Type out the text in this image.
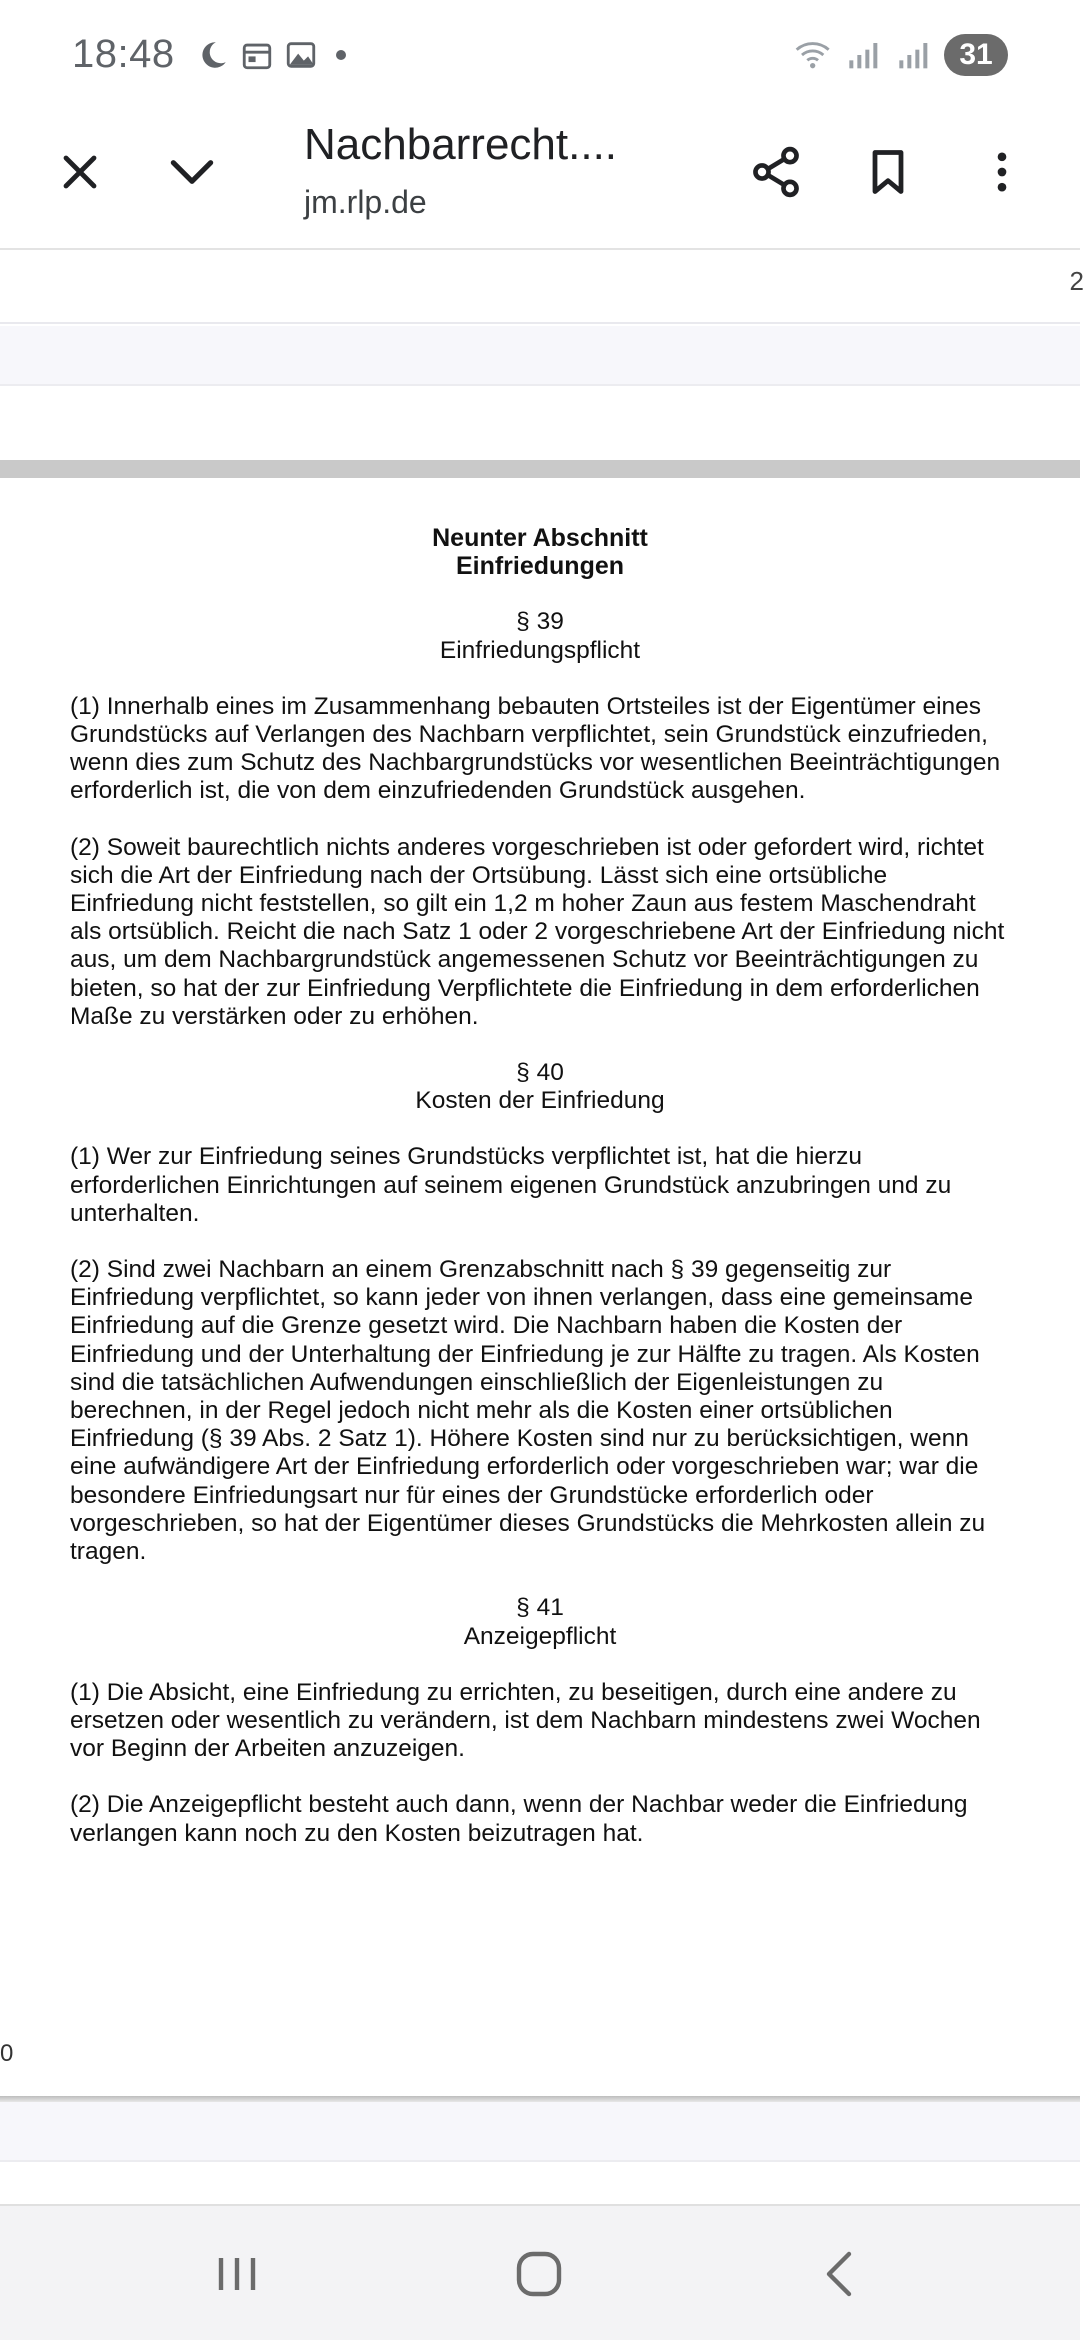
18:48	31
Nachbarrecht....
jm.rlp.de
2

Neunter Abschnitt

Einfriedungen

§ 39

Einfriedungspflicht

(1) Innerhalb eines im Zusammenhang bebauten Ortsteiles ist der Eigentümer eines Grundstücks auf Verlangen des Nachbarn verpflichtet, sein Grundstück einzufrieden, wenn dies zum Schutz des Nachbargrundstücks vor wesentlichen Beeinträchtigungen erforderlich ist, die von dem einzufriedenden Grundstück ausgehen.

(2) Soweit baurechtlich nichts anderes vorgeschrieben ist oder gefordert wird, richtet sich die Art der Einfriedung nach der Ortsübung. Lässt sich eine ortsübliche Einfriedung nicht feststellen, so gilt ein 1,2 m hoher Zaun aus festem Maschendraht als ortsüblich. Reicht die nach Satz 1 oder 2 vorgeschriebene Art der Einfriedung nicht aus, um dem Nachbargrundstück angemessenen Schutz vor Beeinträchtigungen zu bieten, so hat der zur Einfriedung Verpflichtete die Einfriedung in dem erforderlichen Maße zu verstärken oder zu erhöhen.

§ 40

Kosten der Einfriedung

(1) Wer zur Einfriedung seines Grundstücks verpflichtet ist, hat die hierzu erforderlichen Einrichtungen auf seinem eigenen Grundstück anzubringen und zu unterhalten.

(2) Sind zwei Nachbarn an einem Grenzabschnitt nach § 39 gegenseitig zur Einfriedung verpflichtet, so kann jeder von ihnen verlangen, dass eine gemeinsame Einfriedung auf die Grenze gesetzt wird. Die Nachbarn haben die Kosten der Einfriedung und der Unterhaltung der Einfriedung je zur Hälfte zu tragen. Als Kosten sind die tatsächlichen Aufwendungen einschließlich der Eigenleistungen zu berechnen, in der Regel jedoch nicht mehr als die Kosten einer ortsüblichen Einfriedung (§ 39 Abs. 2 Satz 1). Höhere Kosten sind nur zu berücksichtigen, wenn eine aufwändigere Art der Einfriedung erforderlich oder vorgeschrieben war; war die besondere Einfriedungsart nur für eines der Grundstücke erforderlich oder vorgeschrieben, so hat der Eigentümer dieses Grundstücks die Mehrkosten allein zu tragen.

§ 41

Anzeigepflicht

(1) Die Absicht, eine Einfriedung zu errichten, zu beseitigen, durch eine andere zu ersetzen oder wesentlich zu verändern, ist dem Nachbarn mindestens zwei Wochen vor Beginn der Arbeiten anzuzeigen.

(2) Die Anzeigepflicht besteht auch dann, wenn der Nachbar weder die Einfriedung verlangen kann noch zu den Kosten beizutragen hat.

0
